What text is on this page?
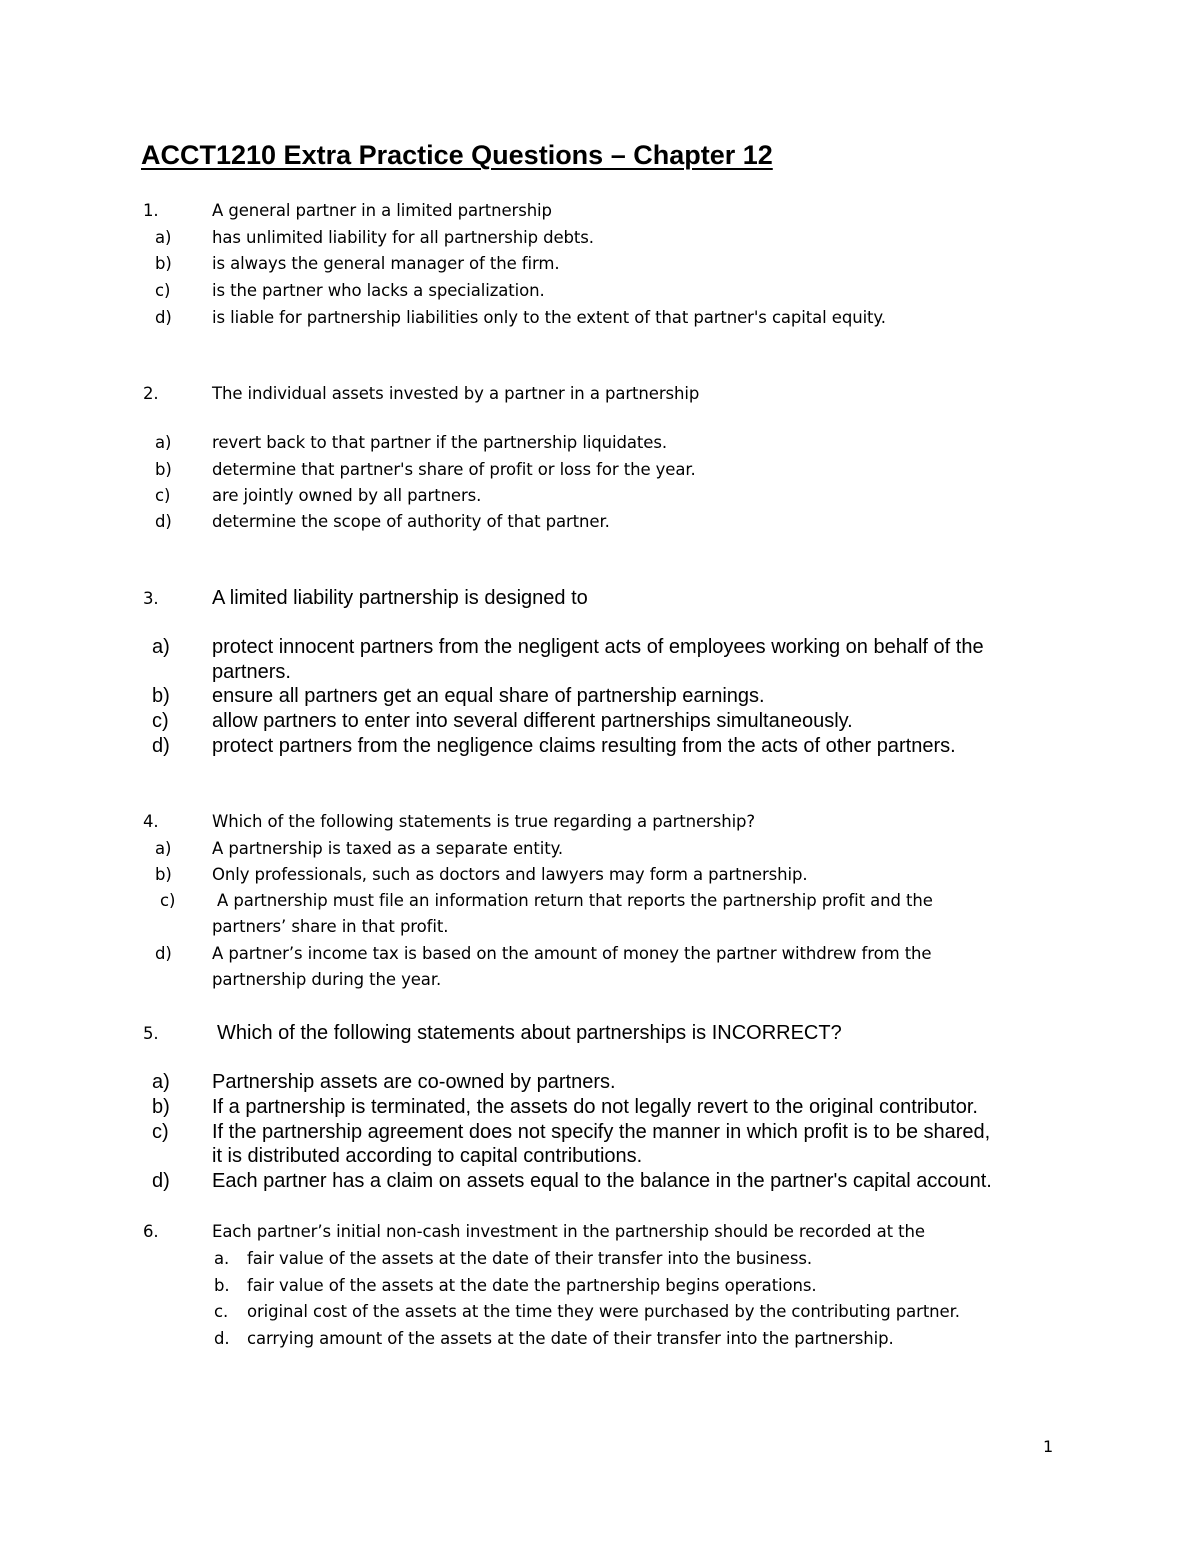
ACCT1210 Extra Practice Questions – Chapter 12
1.	A general partner in a limited partnership
a) has unlimited liability for all partnership debts.
b) is always the general manager of the firm.
c)	is the partner who lacks a specialization.
d) is liable for partnership liabilities only to the extent of that partner's capital equity.
2.	The individual assets invested by a partner in a partnership
a) revert back to that partner if the partnership liquidates.
b) determine that partner's share of profit or loss for the year.
c)	are jointly owned by all partners.
d) determine the scope of authority of that partner.
3.	A limited liability partnership is designed to
a) protect innocent partners from the negligent acts of employees working on behalf of the
partners.
b) ensure all partners get an equal share of partnership earnings.
c) allow partners to enter into several different partnerships simultaneously.
d) protect partners from the negligence claims resulting from the acts of other partners.
4.	Which of the following statements is true regarding a partnership?
a) A partnership is taxed as a separate entity.
b) Only professionals, such as doctors and lawyers may form a partnership.
c)	A partnership must file an information return that reports the partnership profit and the
partners’ share in that profit.
d) A partner’s income tax is based on the amount of money the partner withdrew from the
partnership during the year.
5.	Which of the following statements about partnerships is INCORRECT?
a) Partnership assets are co-owned by partners.
b) If a partnership is terminated, the assets do not legally revert to the original contributor.
c) If the partnership agreement does not specify the manner in which profit is to be shared,
it is distributed according to capital contributions.
d) Each partner has a claim on assets equal to the balance in the partner's capital account.
6.	Each partner’s initial non-cash investment in the partnership should be recorded at the
a. fair value of the assets at the date of their transfer into the business.
b. fair value of the assets at the date the partnership begins operations.
c. original cost of the assets at the time they were purchased by the contributing partner.
d. carrying amount of the assets at the date of their transfer into the partnership.
1
